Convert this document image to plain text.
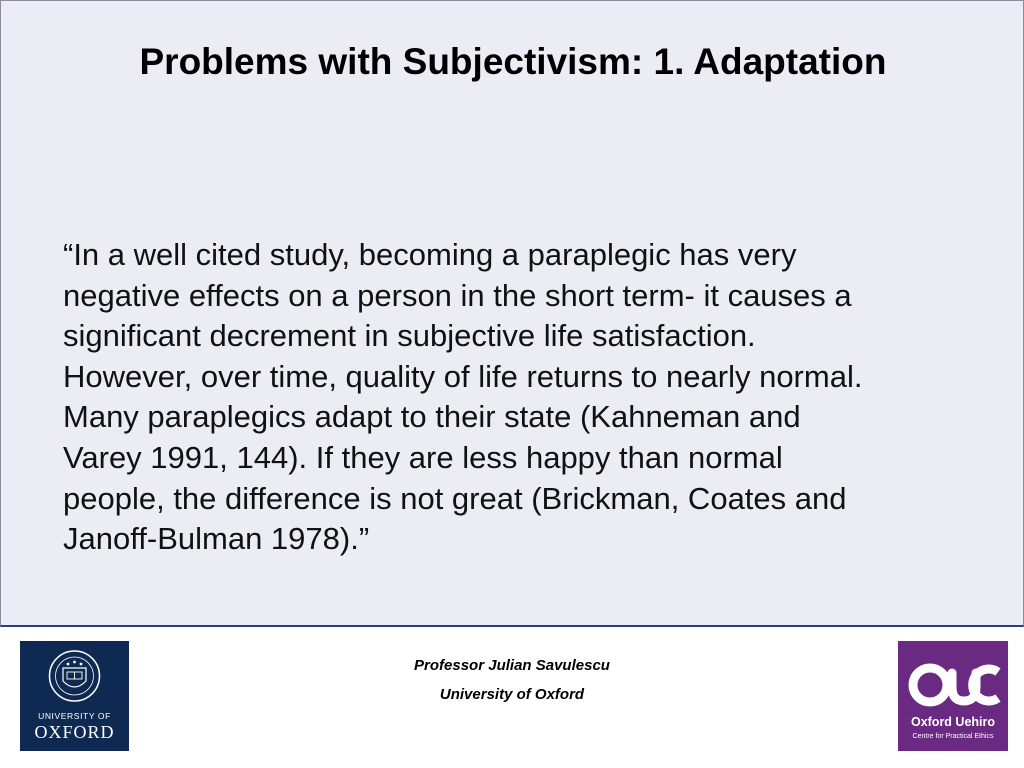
Problems with Subjectivism: 1. Adaptation

“In a well cited study, becoming a paraplegic has very
negative effects on a person in the short term- it causes a
significant decrement in subjective life satisfaction.
However, over time, quality of life returns to nearly normal.
Many paraplegics adapt to their state (Kahneman and
Varey 1991, 144). If they are less happy than normal
people, the difference is not great (Brickman, Coates and
Janoff-Bulman 1978).”

UNIVERSITY OF
OXFORD
Professor Julian Savulescu
University of Oxford
Oxford Uehiro
Centre for Practical Ethics
